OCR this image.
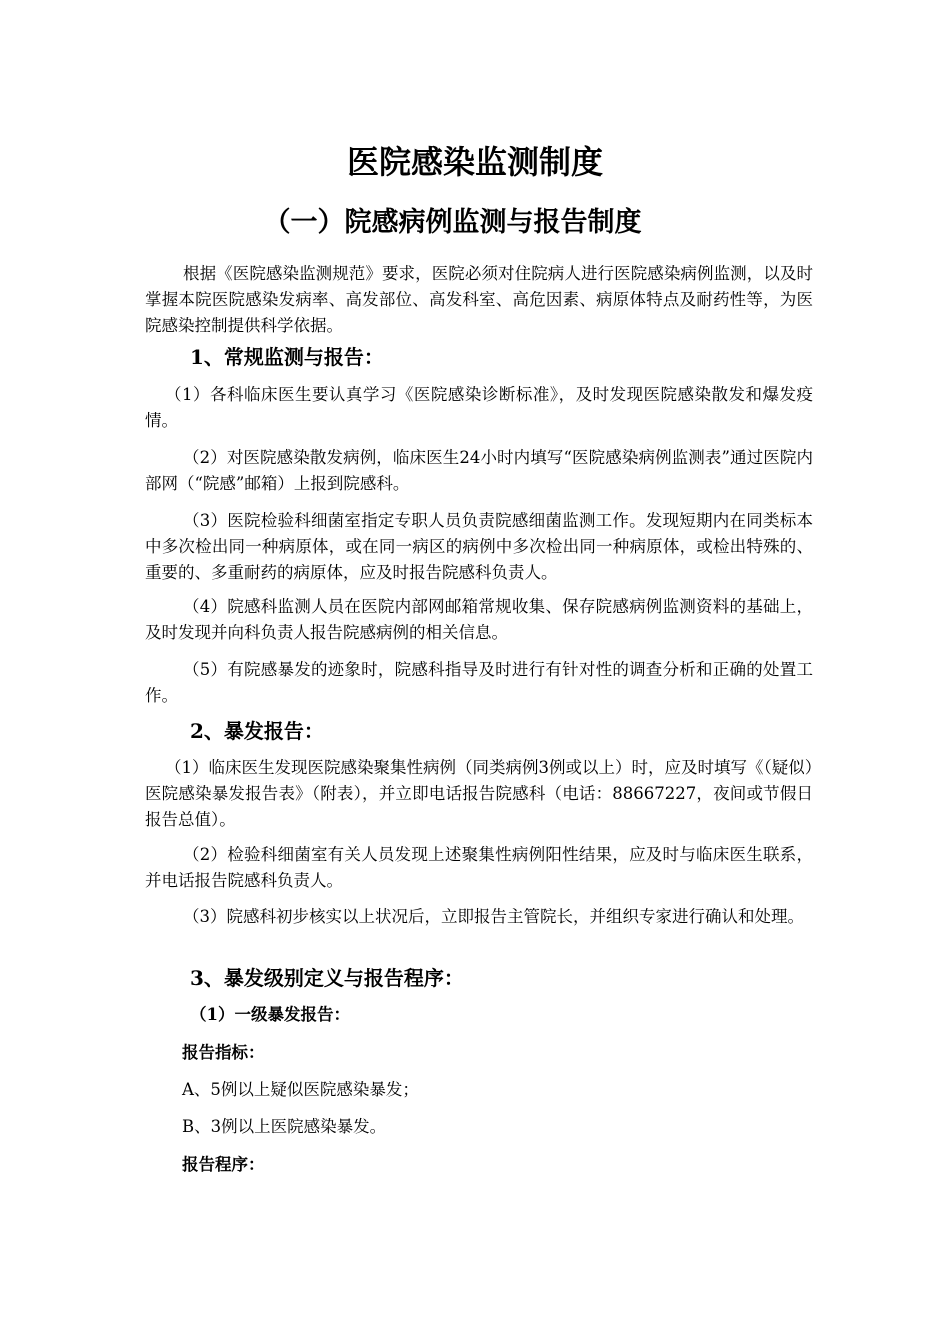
医院感染监测制度
（一）院感病例监测与报告制度

根据《医院感染监测规范》要求，医院必须对住院病人进行医院感染病例监测，以及时掌握本院医院感染发病率、高发部位、高发科室、高危因素、病原体特点及耐药性等，为医院感染控制提供科学依据。

1、常规监测与报告：

（1）各科临床医生要认真学习《医院感染诊断标准》，及时发现医院感染散发和爆发疫情。

（2）对医院感染散发病例，临床医生24小时内填写“医院感染病例监测表”通过医院内部网（“院感”邮箱）上报到院感科。

（3）医院检验科细菌室指定专职人员负责院感细菌监测工作。发现短期内在同类标本中多次检出同一种病原体，或在同一病区的病例中多次检出同一种病原体，或检出特殊的、重要的、多重耐药的病原体，应及时报告院感科负责人。

（4）院感科监测人员在医院内部网邮箱常规收集、保存院感病例监测资料的基础上，及时发现并向科负责人报告院感病例的相关信息。

（5）有院感暴发的迹象时，院感科指导及时进行有针对性的调查分析和正确的处置工作。

2、暴发报告：

（1）临床医生发现医院感染聚集性病例（同类病例3例或以上）时，应及时填写《（疑似）医院感染暴发报告表》（附表），并立即电话报告院感科（电话：88667227，夜间或节假日报告总值）。

（2）检验科细菌室有关人员发现上述聚集性病例阳性结果，应及时与临床医生联系，并电话报告院感科负责人。

（3）院感科初步核实以上状况后，立即报告主管院长，并组织专家进行确认和处理。

3、暴发级别定义与报告程序：

（1）一级暴发报告：

报告指标：

A、5例以上疑似医院感染暴发；

B、3例以上医院感染暴发。

报告程序：
